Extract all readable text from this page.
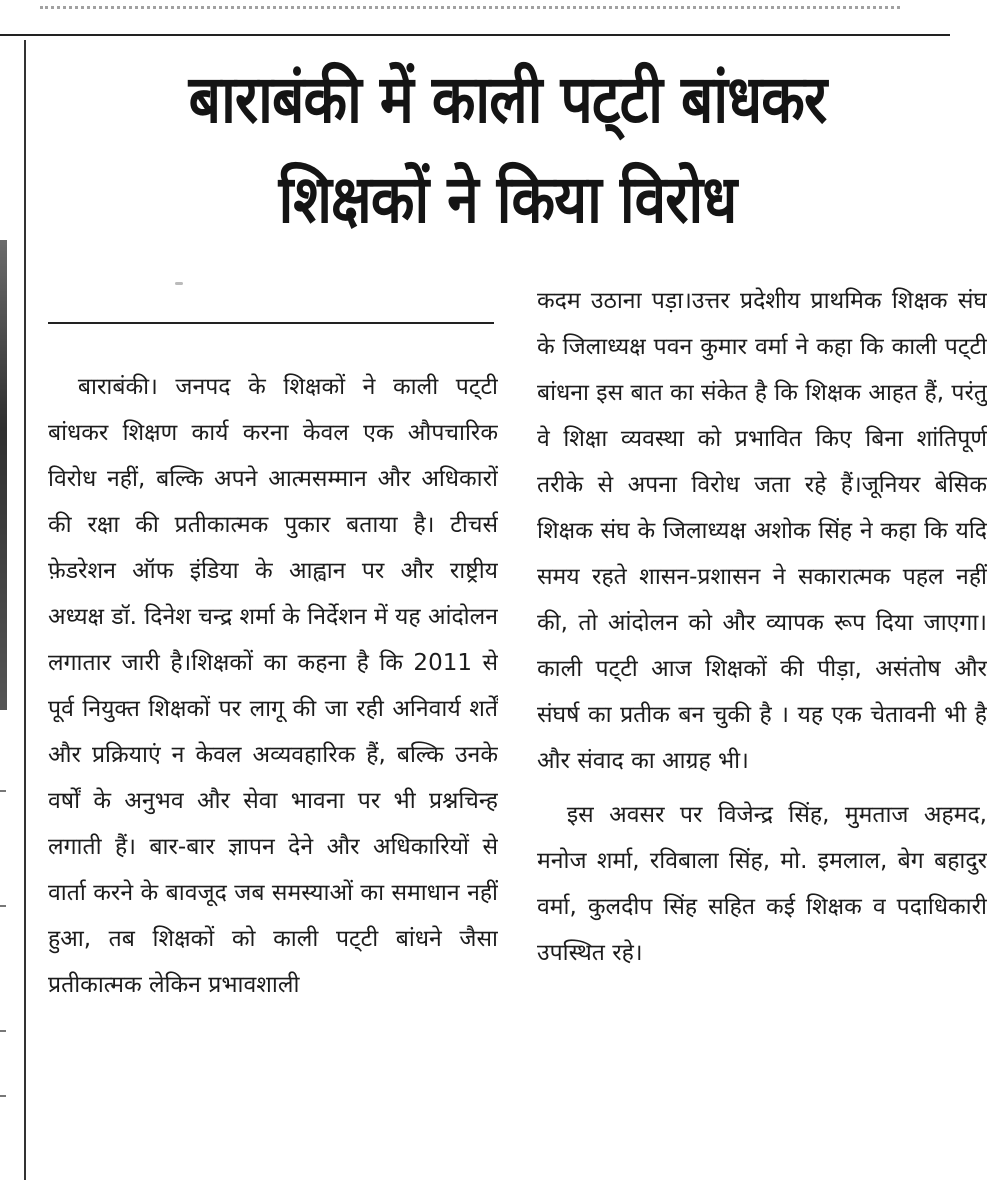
बाराबंकी में काली पट्‌टी बांधकर
शिक्षकों ने किया विरोध

बाराबंकी। जनपद के शिक्षकों ने काली पट्‌टी बांधकर शिक्षण कार्य करना केवल एक औपचारिक विरोध नहीं, बल्कि अपने आत्मसम्मान और अधिकारों की रक्षा की प्रतीकात्मक पुकार बताया है। टीचर्स फ़ेडरेशन ऑफ इंडिया के आह्वान पर और राष्ट्रीय अध्यक्ष डॉ. दिनेश चन्द्र शर्मा के निर्देशन में यह आंदोलन लगातार जारी है।शिक्षकों का कहना है कि 2011 से पूर्व नियुक्त शिक्षकों पर लागू की जा रही अनिवार्य शर्तें और प्रक्रियाएं न केवल अव्यवहारिक हैं, बल्कि उनके वर्षों के अनुभव और सेवा भावना पर भी प्रश्नचिन्ह लगाती हैं। बार-बार ज्ञापन देने और अधिकारियों से वार्ता करने के बावजूद जब समस्याओं का समाधान नहीं हुआ, तब शिक्षकों को काली पट्‌टी बांधने जैसा प्रतीकात्मक लेकिन प्रभावशाली

कदम उठाना पड़ा।उत्तर प्रदेशीय प्राथमिक शिक्षक संघ के जिलाध्यक्ष पवन कुमार वर्मा ने कहा कि काली पट्‌टी बांधना इस बात का संकेत है कि शिक्षक आहत हैं, परंतु वे शिक्षा व्यवस्था को प्रभावित किए बिना शांतिपूर्ण तरीके से अपना विरोध जता रहे हैं।जूनियर बेसिक शिक्षक संघ के जिलाध्यक्ष अशोक सिंह ने कहा कि यदि समय रहते शासन-प्रशासन ने सकारात्मक पहल नहीं की, तो आंदोलन को और व्यापक रूप दिया जाएगा। काली पट्‌टी आज शिक्षकों की पीड़ा, असंतोष और संघर्ष का प्रतीक बन चुकी है । यह एक चेतावनी भी है और संवाद का आग्रह भी।

इस अवसर पर विजेन्द्र सिंह, मुमताज अहमद, मनोज शर्मा, रविबाला सिंह, मो. इमलाल, बेग बहादुर वर्मा, कुलदीप सिंह सहित कई शिक्षक व पदाधिकारी उपस्थित रहे।
